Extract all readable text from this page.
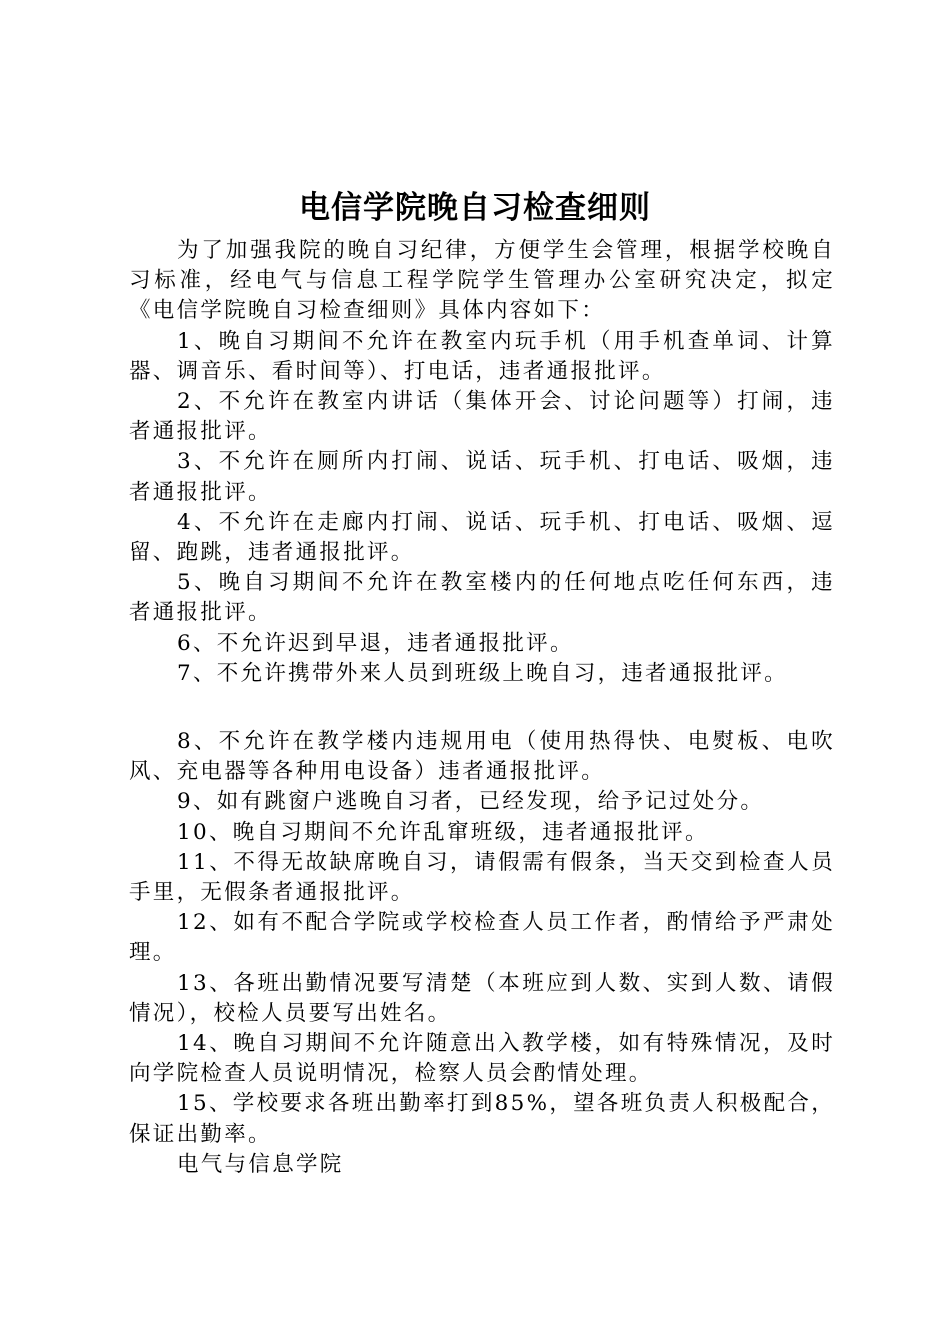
电信学院晚自习检查细则

为了加强我院的晚自习纪律，方便学生会管理，根据学校晚自习标准，经电气与信息工程学院学生管理办公室研究决定，拟定《电信学院晚自习检查细则》具体内容如下：

1、晚自习期间不允许在教室内玩手机（用手机查单词、计算器、调音乐、看时间等）、打电话，违者通报批评。

2、不允许在教室内讲话（集体开会、讨论问题等）打闹，违者通报批评。

3、不允许在厕所内打闹、说话、玩手机、打电话、吸烟，违者通报批评。

4、不允许在走廊内打闹、说话、玩手机、打电话、吸烟、逗留、跑跳，违者通报批评。

5、晚自习期间不允许在教室楼内的任何地点吃任何东西，违者通报批评。

6、不允许迟到早退，违者通报批评。

7、不允许携带外来人员到班级上晚自习，违者通报批评。

8、不允许在教学楼内违规用电（使用热得快、电熨板、电吹风、充电器等各种用电设备）违者通报批评。

9、如有跳窗户逃晚自习者，已经发现，给予记过处分。

10、晚自习期间不允许乱窜班级，违者通报批评。

11、不得无故缺席晚自习，请假需有假条，当天交到检查人员手里，无假条者通报批评。

12、如有不配合学院或学校检查人员工作者，酌情给予严肃处理。

13、各班出勤情况要写清楚（本班应到人数、实到人数、请假情况），校检人员要写出姓名。

14、晚自习期间不允许随意出入教学楼，如有特殊情况，及时向学院检查人员说明情况，检察人员会酌情处理。

15、学校要求各班出勤率打到85%，望各班负责人积极配合，保证出勤率。

电气与信息学院
